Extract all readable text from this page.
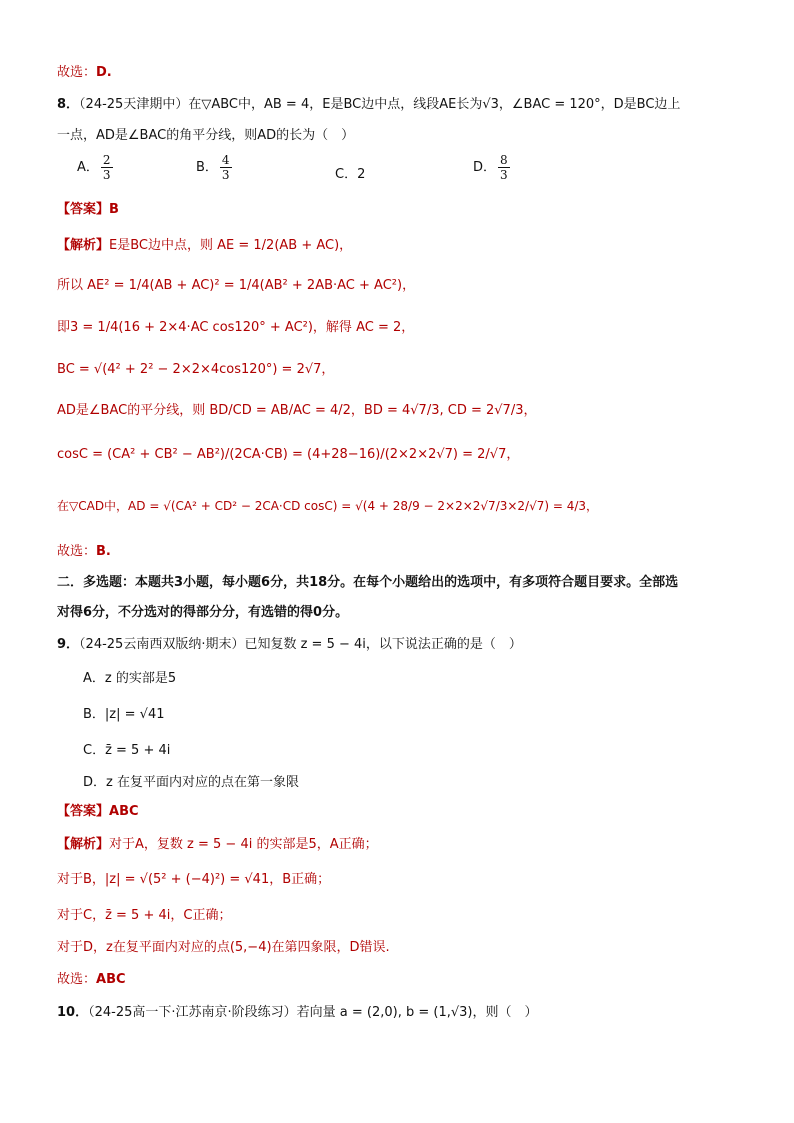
故选：D.
8．（24-25天津期中）在▽ABC中，AB = 4，E是BC边中点，线段AE长为√3，∠BAC = 120°，D是BC边上
一点，AD是∠BAC的角平分线，则AD的长为（　）
A． $\frac{2}{3}$	B． $\frac{4}{3}$	C．2	D． $\frac{8}{3}$
【答案】B
【解析】E是BC边中点，则 AE = 1/2(AB + AC)，
所以 AE² = 1/4(AB + AC)² = 1/4(AB² + 2AB·AC + AC²)，
即3 = 1/4(16 + 2×4·AC cos120° + AC²)，解得 AC = 2，
BC = √(4² + 2² − 2×2×4cos120°) = 2√7，
AD是∠BAC的平分线，则 BD/CD = AB/AC = 4/2，BD = 4√7/3, CD = 2√7/3，
cosC = (CA² + CB² − AB²)/(2CA·CB) = (4+28−16)/(2×2×2√7) = 2/√7，
在▽CAD中，AD = √(CA² + CD² − 2CA·CD cosC) = √(4 + 28/9 − 2×2×2√7/3×2/√7) = 4/3，
故选：B.
二．多选题：本题共3小题，每小题6分，共18分。在每个小题给出的选项中，有多项符合题目要求。全部选
对得6分，不分选对的得部分分，有选错的得0分。
9．（24-25云南西双版纳·期末）已知复数 z = 5 − 4i，以下说法正确的是（　）
A．z 的实部是5
B．|z| = √41
C．z̄ = 5 + 4i
D．z 在复平面内对应的点在第一象限
【答案】ABC
【解析】对于A，复数 z = 5 − 4i 的实部是5，A正确；
对于B，|z| = √(5² + (−4)²) = √41，B正确；
对于C，z̄ = 5 + 4i，C正确；
对于D，z在复平面内对应的点(5,−4)在第四象限，D错误.
故选：ABC
10．（24-25高一下·江苏南京·阶段练习）若向量 a = (2,0), b = (1,√3)，则（　）
